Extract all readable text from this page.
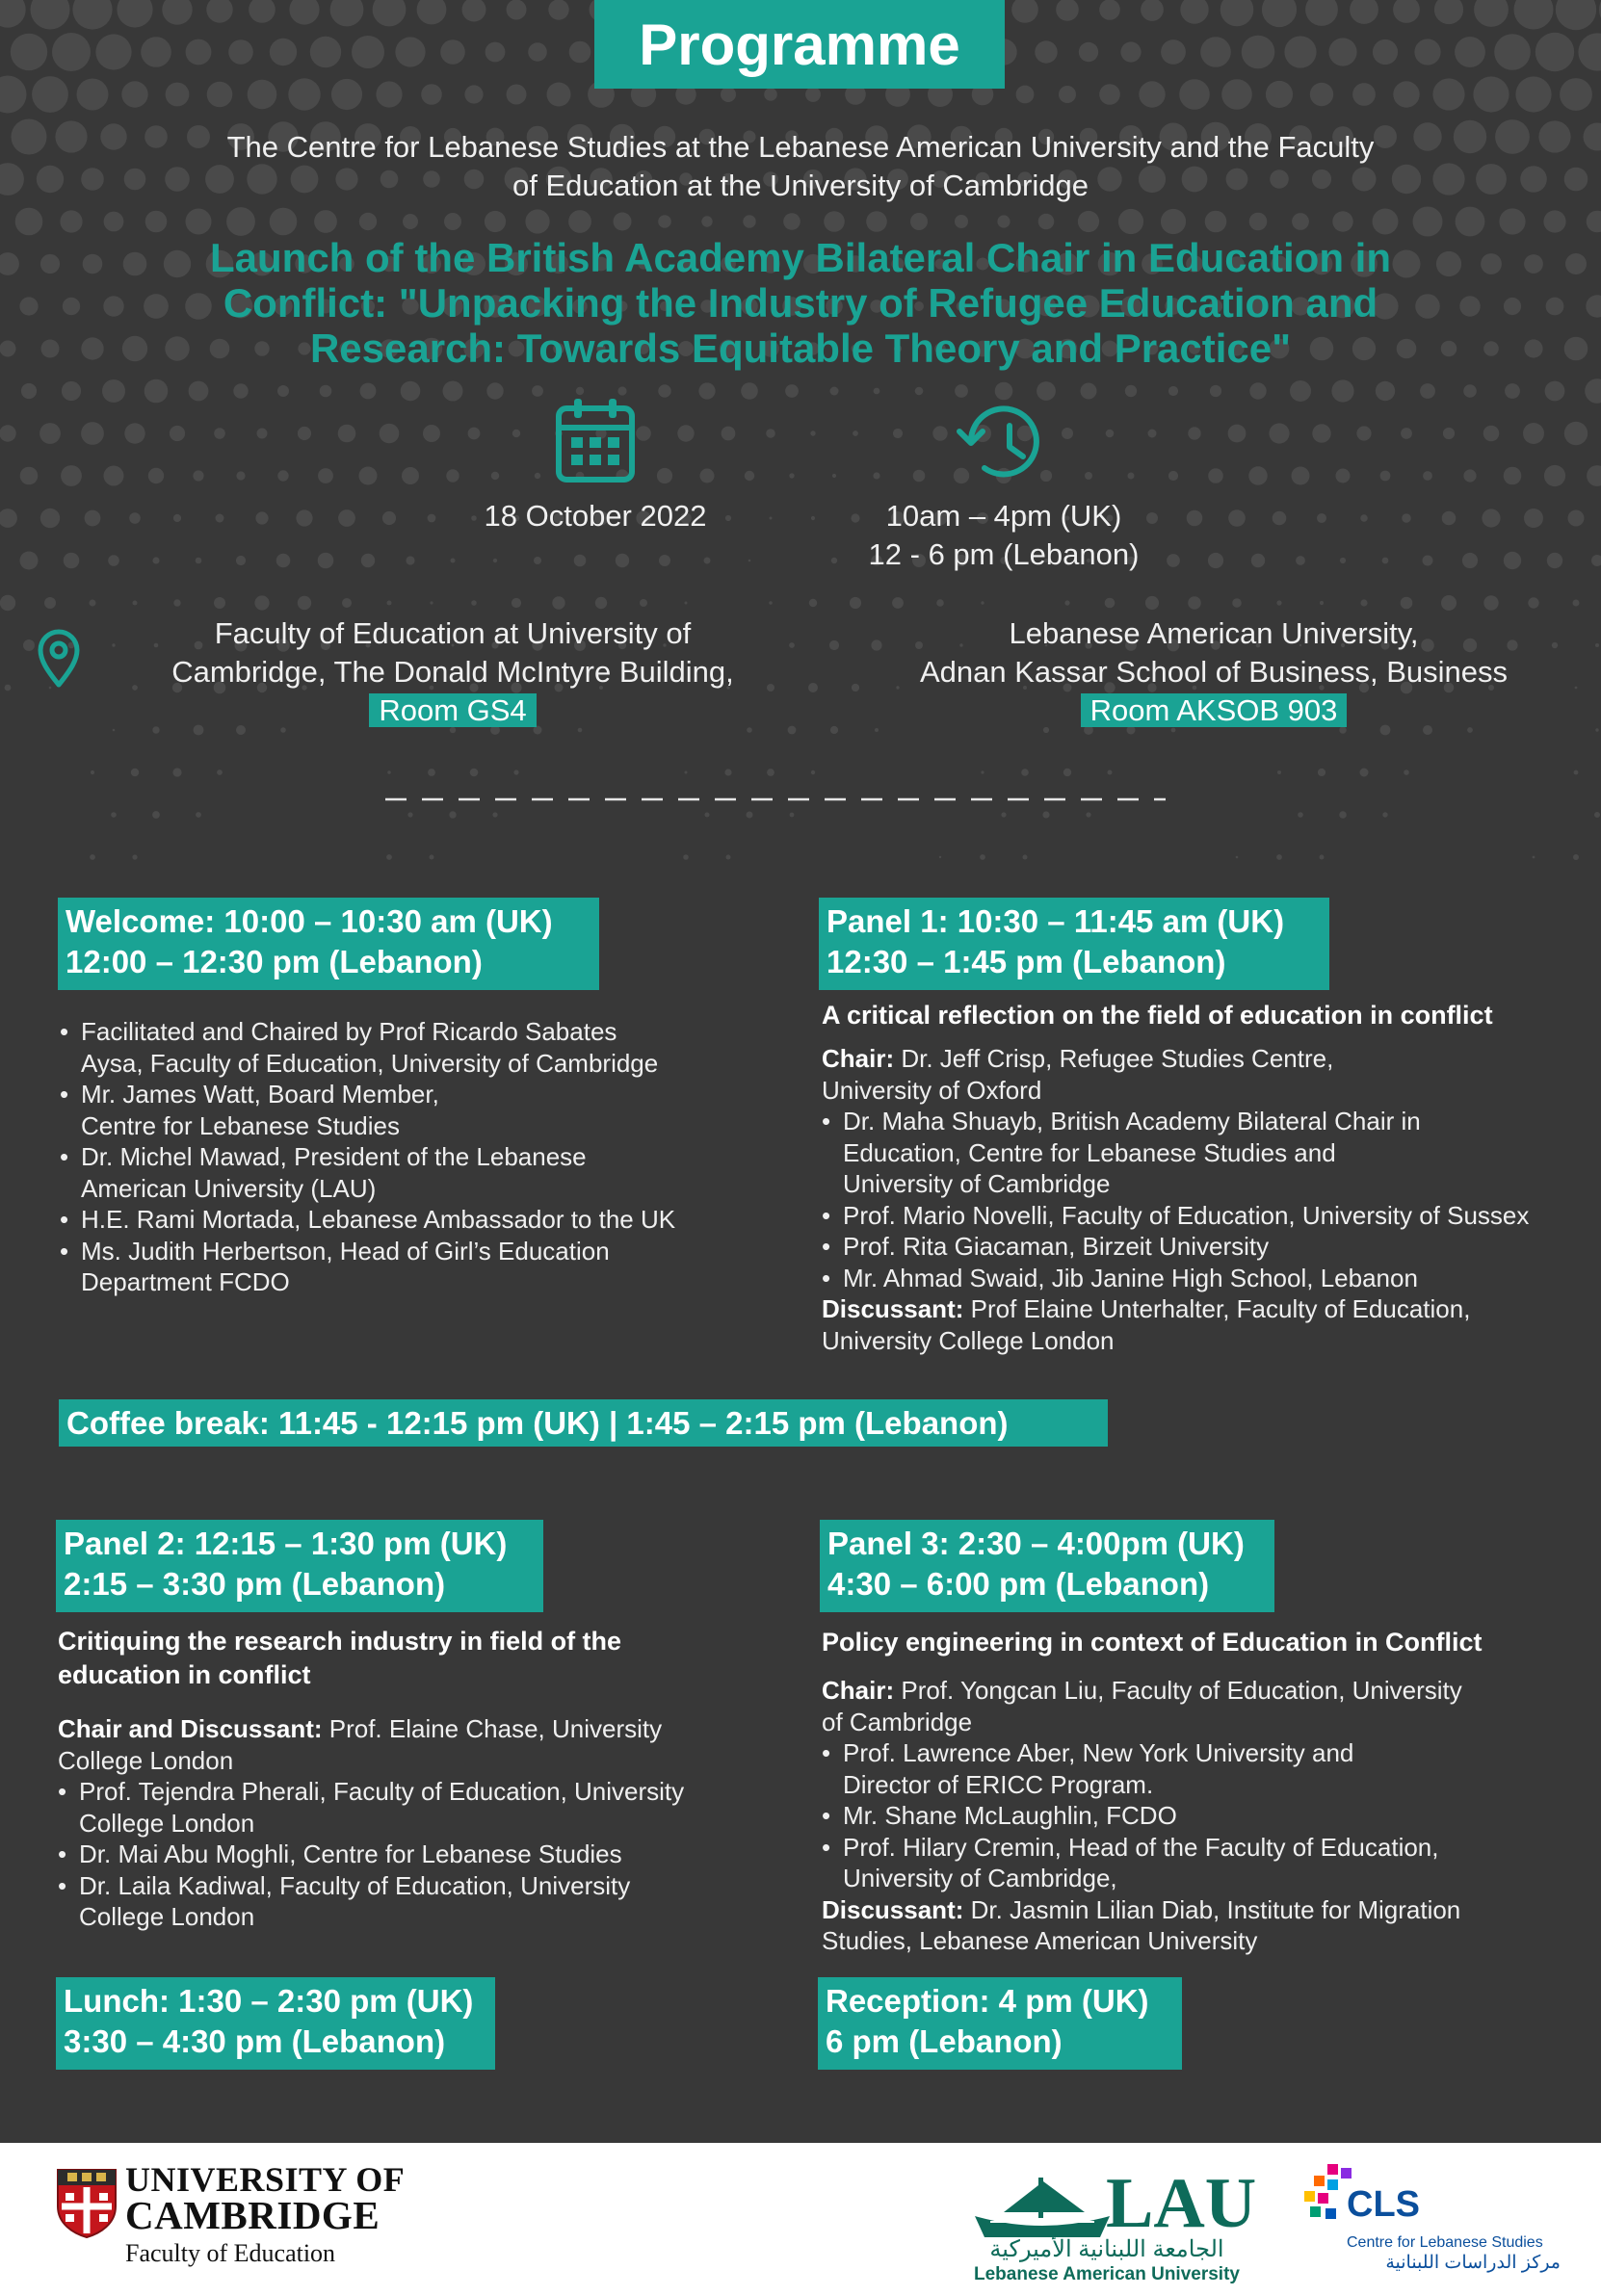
Programme
The Centre for Lebanese Studies at the Lebanese American University and the Faculty
of Education at the University of Cambridge
Launch of the British Academy Bilateral Chair in Education in
Conflict: "Unpacking the Industry of Refugee Education and
Research: Towards Equitable Theory and Practice"
18 October 2022	10am – 4pm (UK)
12 - 6 pm (Lebanon)
Faculty of Education at University of
Cambridge, The Donald McIntyre Building,
Room GS4
Lebanese American University,
Adnan Kassar School of Business, Business
Room AKSOB 903
Welcome: 10:00 – 10:30 am (UK)
12:00 – 12:30 pm (Lebanon)
• Facilitated and Chaired by Prof Ricardo Sabates
Aysa, Faculty of Education, University of Cambridge
• Mr. James Watt, Board Member,
Centre for Lebanese Studies
• Dr. Michel Mawad, President of the Lebanese
American University (LAU)
• H.E. Rami Mortada, Lebanese Ambassador to the UK
• Ms. Judith Herbertson, Head of Girl’s Education
Department FCDO
Panel 1: 10:30 – 11:45 am (UK)
12:30 – 1:45 pm (Lebanon)
A critical reflection on the field of education in conflict
Chair: Dr. Jeff Crisp, Refugee Studies Centre,
University of Oxford
• Dr. Maha Shuayb, British Academy Bilateral Chair in
Education, Centre for Lebanese Studies and
University of Cambridge
• Prof. Mario Novelli, Faculty of Education, University of Sussex
• Prof. Rita Giacaman, Birzeit University
• Mr. Ahmad Swaid, Jib Janine High School, Lebanon
Discussant: Prof Elaine Unterhalter, Faculty of Education,
University College London
Coffee break: 11:45 - 12:15 pm (UK) | 1:45 – 2:15 pm (Lebanon)
Panel 2: 12:15 – 1:30 pm (UK)
2:15 – 3:30 pm (Lebanon)
Critiquing the research industry in field of the
education in conflict
Chair and Discussant: Prof. Elaine Chase, University
College London
• Prof. Tejendra Pherali, Faculty of Education, University
College London
• Dr. Mai Abu Moghli, Centre for Lebanese Studies
• Dr. Laila Kadiwal, Faculty of Education, University
College London
Panel 3: 2:30 – 4:00pm (UK)
4:30 – 6:00 pm (Lebanon)
Policy engineering in context of Education in Conflict
Chair: Prof. Yongcan Liu, Faculty of Education, University
of Cambridge
• Prof. Lawrence Aber, New York University and
Director of ERICC Program.
• Mr. Shane McLaughlin, FCDO
• Prof. Hilary Cremin, Head of the Faculty of Education,
University of Cambridge,
Discussant: Dr. Jasmin Lilian Diab, Institute for Migration
Studies, Lebanese American University
Lunch: 1:30 – 2:30 pm (UK)
3:30 – 4:30 pm (Lebanon)
Reception: 4 pm (UK)
6 pm (Lebanon)
UNIVERSITY OF
CAMBRIDGE
Faculty of Education
LAU
الجامعة اللبنانية الأميركية
Lebanese American University
CLS
Centre for Lebanese Studies
مركز الدراسات اللبنانية
